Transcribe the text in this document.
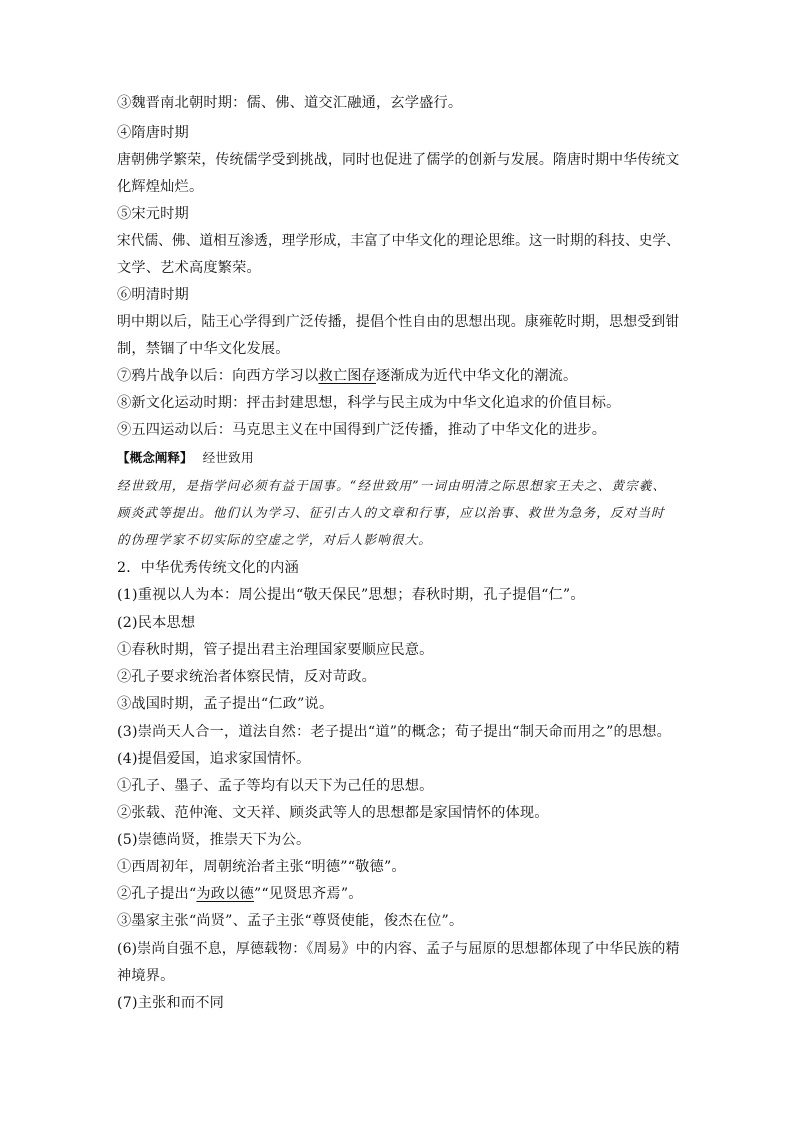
③魏晋南北朝时期：儒、佛、道交汇融通，玄学盛行。

④隋唐时期

唐朝佛学繁荣，传统儒学受到挑战，同时也促进了儒学的创新与发展。隋唐时期中华传统文

化辉煌灿烂。

⑤宋元时期

宋代儒、佛、道相互渗透，理学形成，丰富了中华文化的理论思维。这一时期的科技、史学、

文学、艺术高度繁荣。

⑥明清时期

明中期以后，陆王心学得到广泛传播，提倡个性自由的思想出现。康雍乾时期，思想受到钳

制，禁锢了中华文化发展。

⑦鸦片战争以后：向西方学习以救亡图存逐渐成为近代中华文化的潮流。

⑧新文化运动时期：抨击封建思想，科学与民主成为中华文化追求的价值目标。

⑨五四运动以后：马克思主义在中国得到广泛传播，推动了中华文化的进步。

【概念阐释】 经世致用

经世致用，是指学问必须有益于国事。“经世致用”一词由明清之际思想家王夫之、黄宗羲、

顾炎武等提出。他们认为学习、征引古人的文章和行事，应以治事、救世为急务，反对当时

的伪理学家不切实际的空虚之学，对后人影响很大。

2．中华优秀传统文化的内涵

(1)重视以人为本：周公提出“敬天保民”思想；春秋时期，孔子提倡“仁”。

(2)民本思想

①春秋时期，管子提出君主治理国家要顺应民意。

②孔子要求统治者体察民情，反对苛政。

③战国时期，孟子提出“仁政”说。

(3)崇尚天人合一，道法自然：老子提出“道”的概念；荀子提出“制天命而用之”的思想。

(4)提倡爱国，追求家国情怀。

①孔子、墨子、孟子等均有以天下为己任的思想。

②张载、范仲淹、文天祥、顾炎武等人的思想都是家国情怀的体现。

(5)崇德尚贤，推崇天下为公。

①西周初年，周朝统治者主张“明德”“敬德”。

②孔子提出“为政以德”“见贤思齐焉”。

③墨家主张“尚贤”、孟子主张“尊贤使能，俊杰在位”。

(6)崇尚自强不息，厚德载物：《周易》中的内容、孟子与屈原的思想都体现了中华民族的精

神境界。

(7)主张和而不同
